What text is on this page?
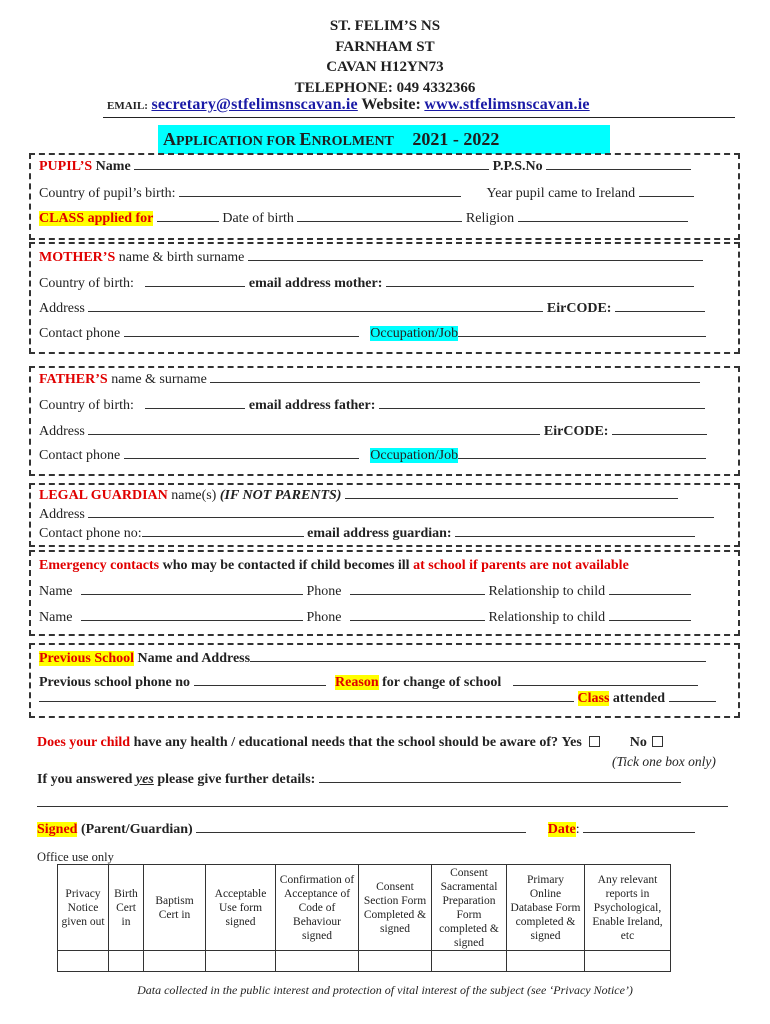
ST. FELIM’S NS
FARNHAM ST
CAVAN H12YN73
TELEPHONE: 049 4332366
EMAIL: secretary@stfelimsnscavan.ie Website: www.stfelimsnscavan.ie
APPLICATION FOR ENROLMENT 2021 - 2022
PUPIL’S Name	P.P.S.No
Country of pupil’s birth:	Year pupil came to Ireland
CLASS applied for	Date of birth	Religion
MOTHER’S name & birth surname
Country of birth:	email address mother:
Address	EirCODE:
Contact phone	Occupation/Job
FATHER’S name & surname
Country of birth:	email address father:
Address	EirCODE:
Contact phone	Occupation/Job
LEGAL GUARDIAN name(s) (IF NOT PARENTS)
Address
Contact phone no:	email address guardian:
Emergency contacts who may be contacted if child becomes ill at school if parents are not available
Name	Phone	Relationship to child
Name	Phone	Relationship to child
Previous School Name and Address
Previous school phone no	Reason for change of school
Class attended
Does your child have any health / educational needs that the school should be aware of? Yes	No
(Tick one box only)
If you answered yes please give further details:
Signed (Parent/Guardian)	Date:
Office use only
Privacy Notice given out	Birth Cert in	Baptism Cert in	Acceptable Use form signed	Confirmation of Acceptance of Code of Behaviour signed	Consent Section Form Completed & signed	Consent Sacramental Preparation Form completed & signed	Primary Online Database Form completed & signed	Any relevant reports in Psychological, Enable Ireland, etc

Data collected in the public interest and protection of vital interest of the subject (see ‘Privacy Notice’)
